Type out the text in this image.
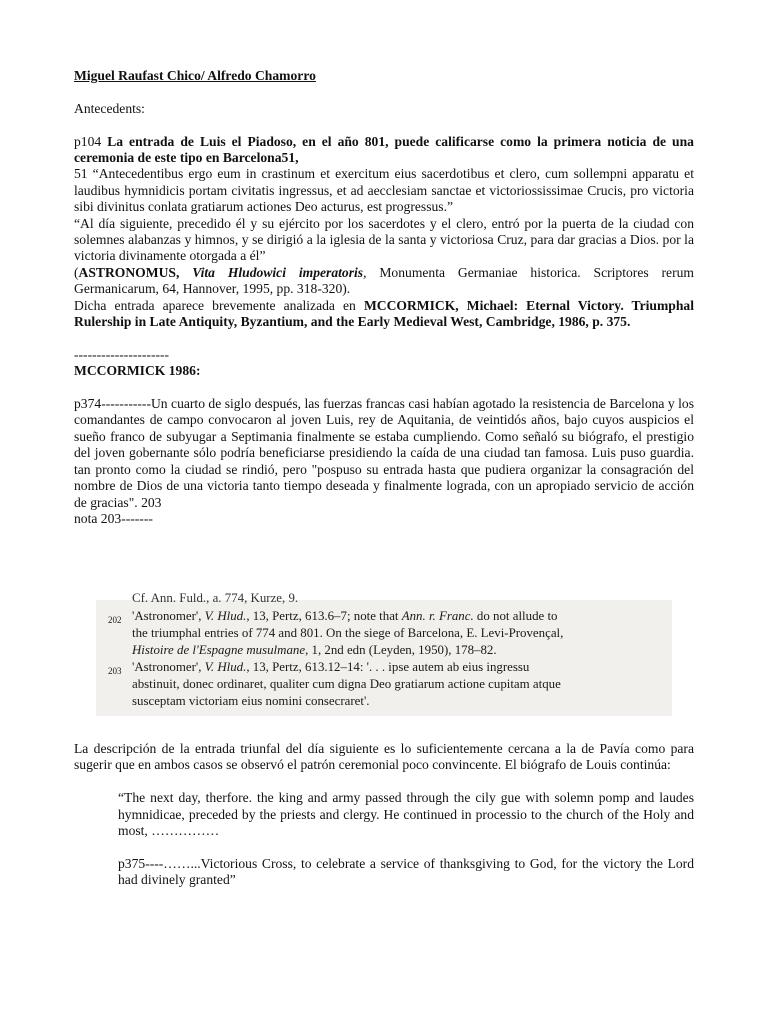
Miguel Raufast Chico/ Alfredo Chamorro

Antecedents:

p104 La entrada de Luis el Piadoso, en el año 801, puede calificarse como la primera noticia de una ceremonia de este tipo en Barcelona51,

51 “Antecedentibus ergo eum in crastinum et exercitum eius sacerdotibus et clero, cum sollempni apparatu et laudibus hymnidicis portam civitatis ingressus, et ad aecclesiam sanctae et victoriossissimae Crucis, pro victoria sibi divinitus conlata gratiarum actiones Deo acturus, est progressus.”

“Al día siguiente, precedido él y su ejército por los sacerdotes y el clero, entró por la puerta de la ciudad con solemnes alabanzas y himnos, y se dirigió a la iglesia de la santa y victoriosa Cruz, para dar gracias a Dios. por la victoria divinamente otorgada a él”

(ASTRONOMUS, Vita Hludowici imperatoris, Monumenta Germaniae historica. Scriptores rerum Germanicarum, 64, Hannover, 1995, pp. 318-320).

Dicha entrada aparece brevemente analizada en MCCORMICK, Michael: Eternal Victory. Triumphal Rulership in Late Antiquity, Byzantium, and the Early Medieval West, Cambridge, 1986, p. 375.

---------------------

MCCORMICK 1986:

p374-----------Un cuarto de siglo después, las fuerzas francas casi habían agotado la resistencia de Barcelona y los comandantes de campo convocaron al joven Luis, rey de Aquitania, de veintidós años, bajo cuyos auspicios el sueño franco de subyugar a Septimania finalmente se estaba cumpliendo. Como señaló su biógrafo, el prestigio del joven gobernante sólo podría beneficiarse presidiendo la caída de una ciudad tan famosa. Luis puso guardia. tan pronto como la ciudad se rindió, pero "pospuso su entrada hasta que pudiera organizar la consagración del nombre de Dios de una victoria tanto tiempo deseada y finalmente lograda, con un apropiado servicio de acción de gracias". 203

nota 203-------

Cf. Ann. Fuld., a. 774, Kurze, 9.
202 'Astronomer', V. Hlud., 13, Pertz, 613.6–7; note that Ann. r. Franc. do not allude to
the triumphal entries of 774 and 801. On the siege of Barcelona, E. Levi-Provençal,
Histoire de l'Espagne musulmane, 1, 2nd edn (Leyden, 1950), 178–82.
203 'Astronomer', V. Hlud., 13, Pertz, 613.12–14: '. . . ipse autem ab eius ingressu
abstinuit, donec ordinaret, qualiter cum digna Deo gratiarum actione cupitam atque
susceptam victoriam eius nomini consecraret'.

La descripción de la entrada triunfal del día siguiente es lo suficientemente cercana a la de Pavía como para sugerir que en ambos casos se observó el patrón ceremonial poco convincente. El biógrafo de Louis continúa:

“The next day, therfore. the king and army passed through the cily gue with solemn pomp and laudes hymnidicae, preceded by the priests and clergy. He continued in processio to the church of the Holy and most, ……………

p375----……...Victorious Cross, to celebrate a service of thanksgiving to God, for the victory the Lord had divinely granted”
